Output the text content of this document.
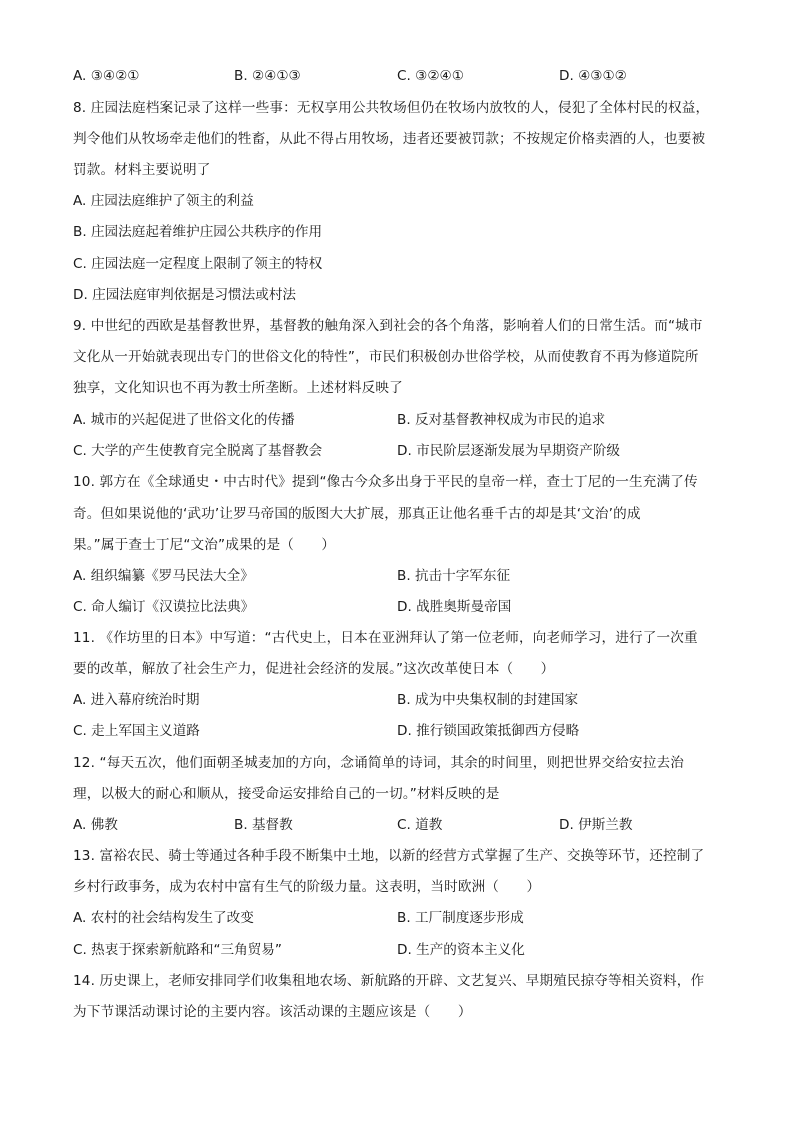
A. ③④②①	B. ②④①③	C. ③②④①	D. ④③①②
8. 庄园法庭档案记录了这样一些事：无权享用公共牧场但仍在牧场内放牧的人，侵犯了全体村民的权益，
判令他们从牧场牵走他们的牲畜，从此不得占用牧场，违者还要被罚款；不按规定价格卖酒的人，也要被
罚款。材料主要说明了
A. 庄园法庭维护了领主的利益
B. 庄园法庭起着维护庄园公共秩序的作用
C. 庄园法庭一定程度上限制了领主的特权
D. 庄园法庭审判依据是习惯法或村法
9. 中世纪的西欧是基督教世界，基督教的触角深入到社会的各个角落，影响着人们的日常生活。而“城市
文化从一开始就表现出专门的世俗文化的特性”，市民们积极创办世俗学校，从而使教育不再为修道院所
独享，文化知识也不再为教士所垄断。上述材料反映了
A. 城市的兴起促进了世俗文化的传播	B. 反对基督教神权成为市民的追求
C. 大学的产生使教育完全脱离了基督教会	D. 市民阶层逐渐发展为早期资产阶级
10. 郭方在《全球通史・中古时代》提到“像古今众多出身于平民的皇帝一样，查士丁尼的一生充满了传
奇。但如果说他的‘武功’让罗马帝国的版图大大扩展，那真正让他名垂千古的却是其‘文治’的成
果。”属于查士丁尼“文治”成果的是（　　）
A. 组织编纂《罗马民法大全》	B. 抗击十字军东征
C. 命人编订《汉谟拉比法典》	D. 战胜奥斯曼帝国
11. 《作坊里的日本》中写道：“古代史上，日本在亚洲拜认了第一位老师，向老师学习，进行了一次重
要的改革，解放了社会生产力，促进社会经济的发展。”这次改革使日本（　　）
A. 进入幕府统治时期	B. 成为中央集权制的封建国家
C. 走上军国主义道路	D. 推行锁国政策抵御西方侵略
12. “每天五次，他们面朝圣城麦加的方向，念诵简单的诗词，其余的时间里，则把世界交给安拉去治
理，以极大的耐心和顺从，接受命运安排给自己的一切。”材料反映的是
A. 佛教	B. 基督教	C. 道教	D. 伊斯兰教
13. 富裕农民、骑士等通过各种手段不断集中土地，以新的经营方式掌握了生产、交换等环节，还控制了
乡村行政事务，成为农村中富有生气的阶级力量。这表明，当时欧洲（　　）
A. 农村的社会结构发生了改变	B. 工厂制度逐步形成
C. 热衷于探索新航路和“三角贸易”	D. 生产的资本主义化
14. 历史课上，老师安排同学们收集租地农场、新航路的开辟、文艺复兴、早期殖民掠夺等相关资料，作
为下节课活动课讨论的主要内容。该活动课的主题应该是（　　）
